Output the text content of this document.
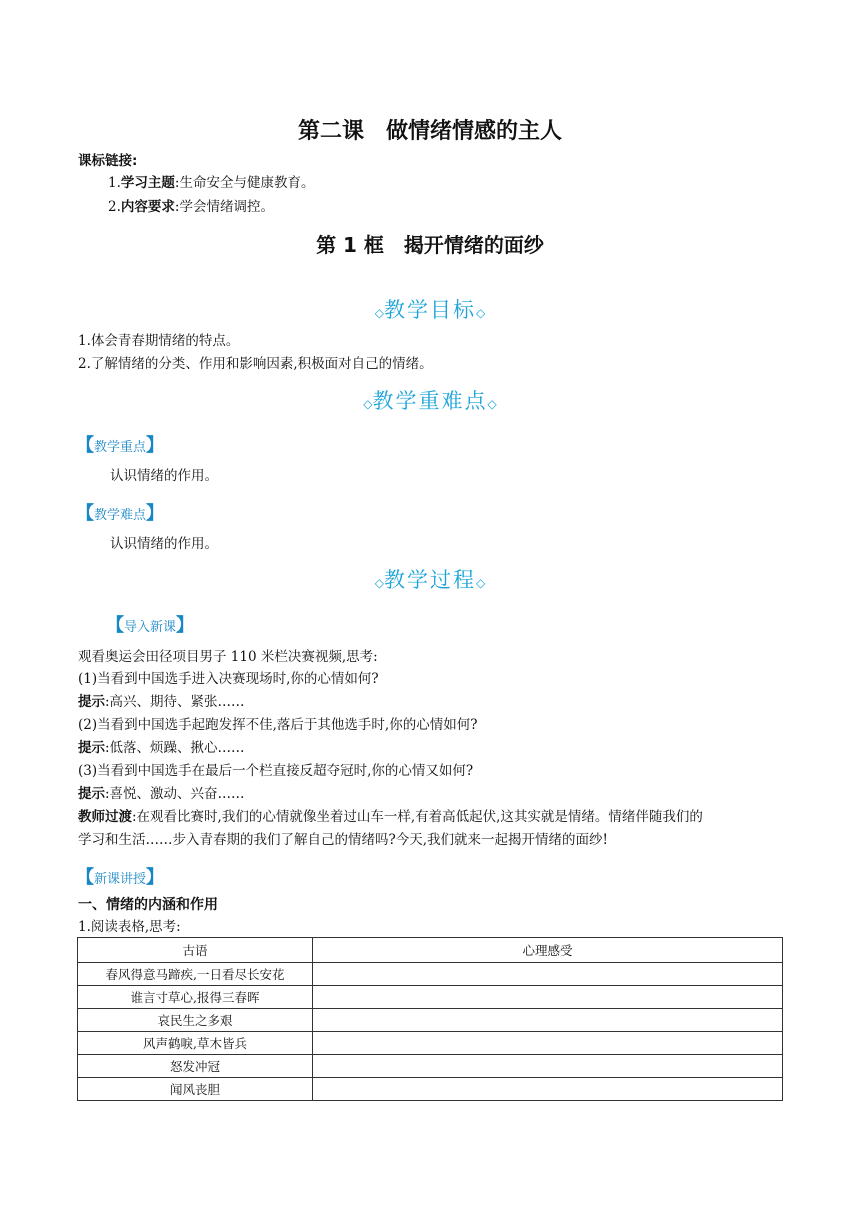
第二课　做情绪情感的主人
课标链接:
1.学习主题:生命安全与健康教育。
2.内容要求:学会情绪调控。
第 1 框　揭开情绪的面纱
◇教学目标◇
1.体会青春期情绪的特点。
2.了解情绪的分类、作用和影响因素,积极面对自己的情绪。
◇教学重难点◇
【教学重点】
认识情绪的作用。
【教学难点】
认识情绪的作用。
◇教学过程◇
【导入新课】
观看奥运会田径项目男子 110 米栏决赛视频,思考:
(1)当看到中国选手进入决赛现场时,你的心情如何?
提示:高兴、期待、紧张……
(2)当看到中国选手起跑发挥不佳,落后于其他选手时,你的心情如何?
提示:低落、烦躁、揪心……
(3)当看到中国选手在最后一个栏直接反超夺冠时,你的心情又如何?
提示:喜悦、激动、兴奋……
教师过渡:在观看比赛时,我们的心情就像坐着过山车一样,有着高低起伏,这其实就是情绪。情绪伴随我们的
学习和生活……步入青春期的我们了解自己的情绪吗?今天,我们就来一起揭开情绪的面纱!
【新课讲授】
一、情绪的内涵和作用
1.阅读表格,思考:
古语	心理感受
春风得意马蹄疾,一日看尽长安花	
谁言寸草心,报得三春晖	
哀民生之多艰	
风声鹤唳,草木皆兵	
怒发冲冠	
闻风丧胆	
